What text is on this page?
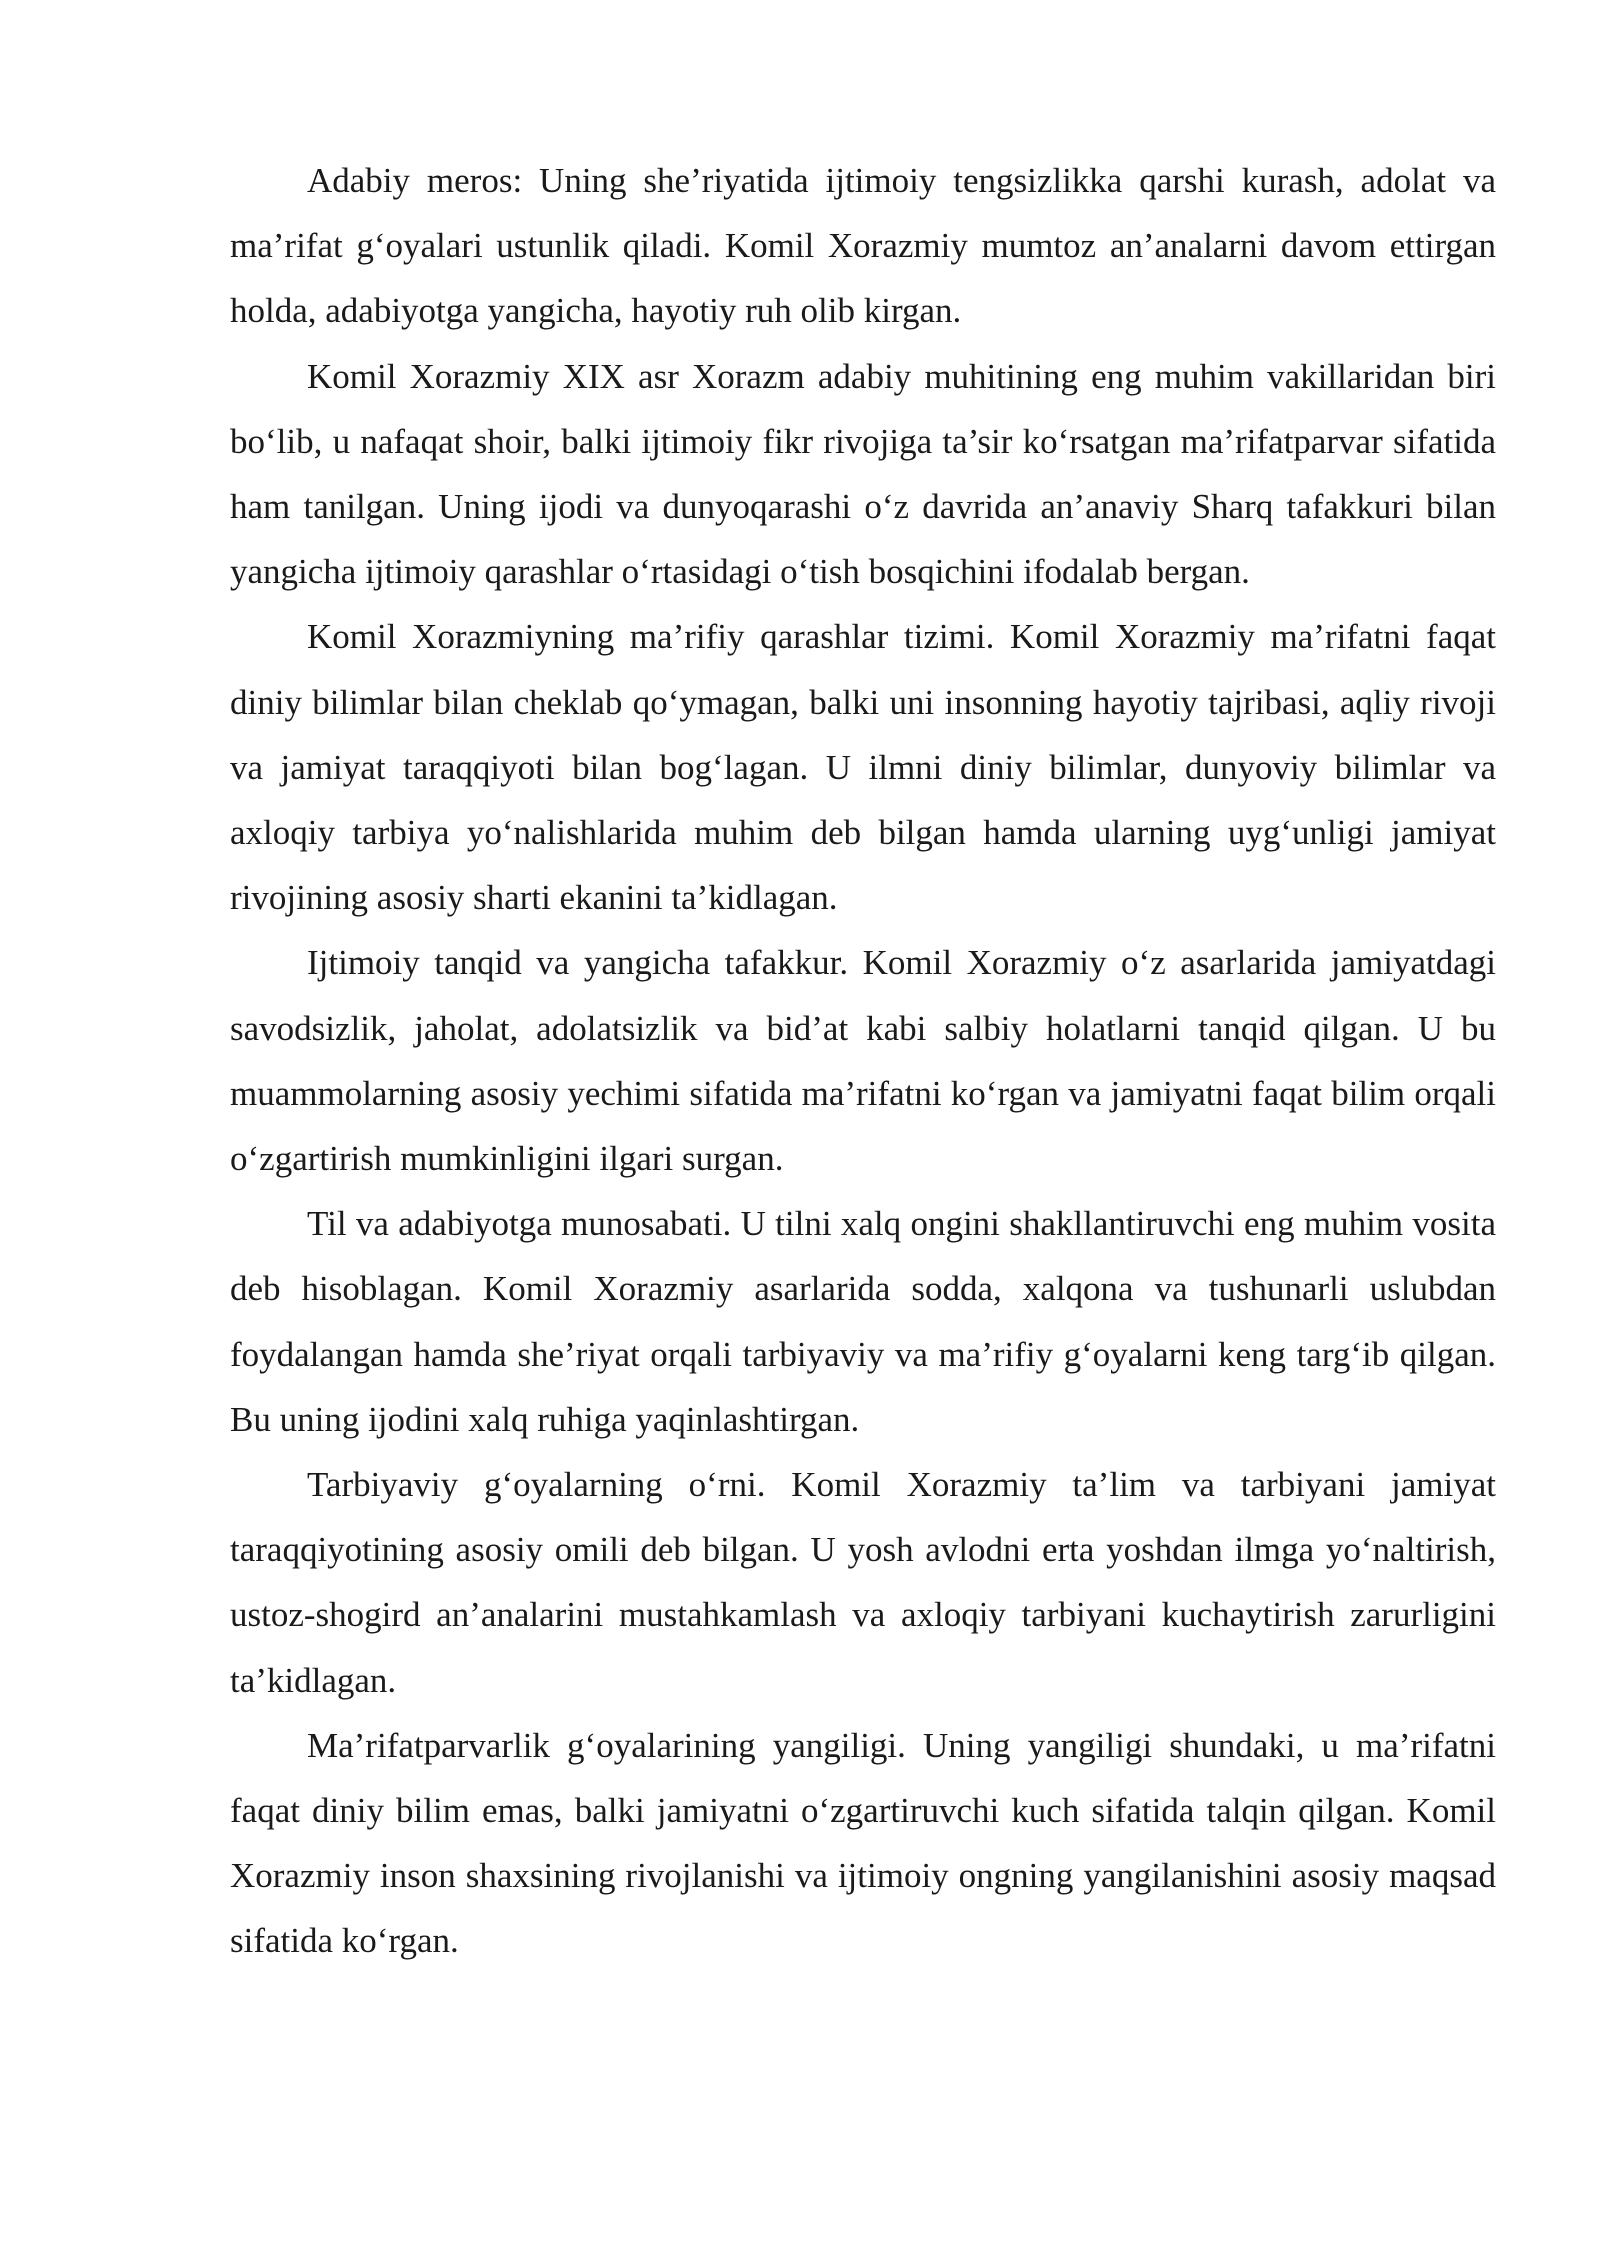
Adabiy meros: Uning she’riyatida ijtimoiy tengsizlikka qarshi kurash, adolat va ma’rifat g‘oyalari ustunlik qiladi. Komil Xorazmiy mumtoz an’analarni davom ettirgan holda, adabiyotga yangicha, hayotiy ruh olib kirgan.

Komil Xorazmiy XIX asr Xorazm adabiy muhitining eng muhim vakillaridan biri bo‘lib, u nafaqat shoir, balki ijtimoiy fikr rivojiga ta’sir ko‘rsatgan ma’rifatparvar sifatida ham tanilgan. Uning ijodi va dunyoqarashi o‘z davrida an’anaviy Sharq tafakkuri bilan yangicha ijtimoiy qarashlar o‘rtasidagi o‘tish bosqichini ifodalab bergan.

Komil Xorazmiyning ma’rifiy qarashlar tizimi. Komil Xorazmiy ma’rifatni faqat diniy bilimlar bilan cheklab qo‘ymagan, balki uni insonning hayotiy tajribasi, aqliy rivoji va jamiyat taraqqiyoti bilan bog‘lagan. U ilmni diniy bilimlar, dunyoviy bilimlar va axloqiy tarbiya yo‘nalishlarida muhim deb bilgan hamda ularning uyg‘unligi jamiyat rivojining asosiy sharti ekanini ta’kidlagan.

Ijtimoiy tanqid va yangicha tafakkur. Komil Xorazmiy o‘z asarlarida jamiyatdagi savodsizlik, jaholat, adolatsizlik va bid’at kabi salbiy holatlarni tanqid qilgan. U bu muammolarning asosiy yechimi sifatida ma’rifatni ko‘rgan va jamiyatni faqat bilim orqali o‘zgartirish mumkinligini ilgari surgan.

Til va adabiyotga munosabati. U tilni xalq ongini shakllantiruvchi eng muhim vosita deb hisoblagan. Komil Xorazmiy asarlarida sodda, xalqona va tushunarli uslubdan foydalangan hamda she’riyat orqali tarbiyaviy va ma’rifiy g‘oyalarni keng targ‘ib qilgan. Bu uning ijodini xalq ruhiga yaqinlashtirgan.

Tarbiyaviy g‘oyalarning o‘rni. Komil Xorazmiy ta’lim va tarbiyani jamiyat taraqqiyotining asosiy omili deb bilgan. U yosh avlodni erta yoshdan ilmga yo‘naltirish, ustoz-shogird an’analarini mustahkamlash va axloqiy tarbiyani kuchaytirish zarurligini ta’kidlagan.

Ma’rifatparvarlik g‘oyalarining yangiligi. Uning yangiligi shundaki, u ma’rifatni faqat diniy bilim emas, balki jamiyatni o‘zgartiruvchi kuch sifatida talqin qilgan. Komil Xorazmiy inson shaxsining rivojlanishi va ijtimoiy ongning yangilanishini asosiy maqsad sifatida ko‘rgan.
